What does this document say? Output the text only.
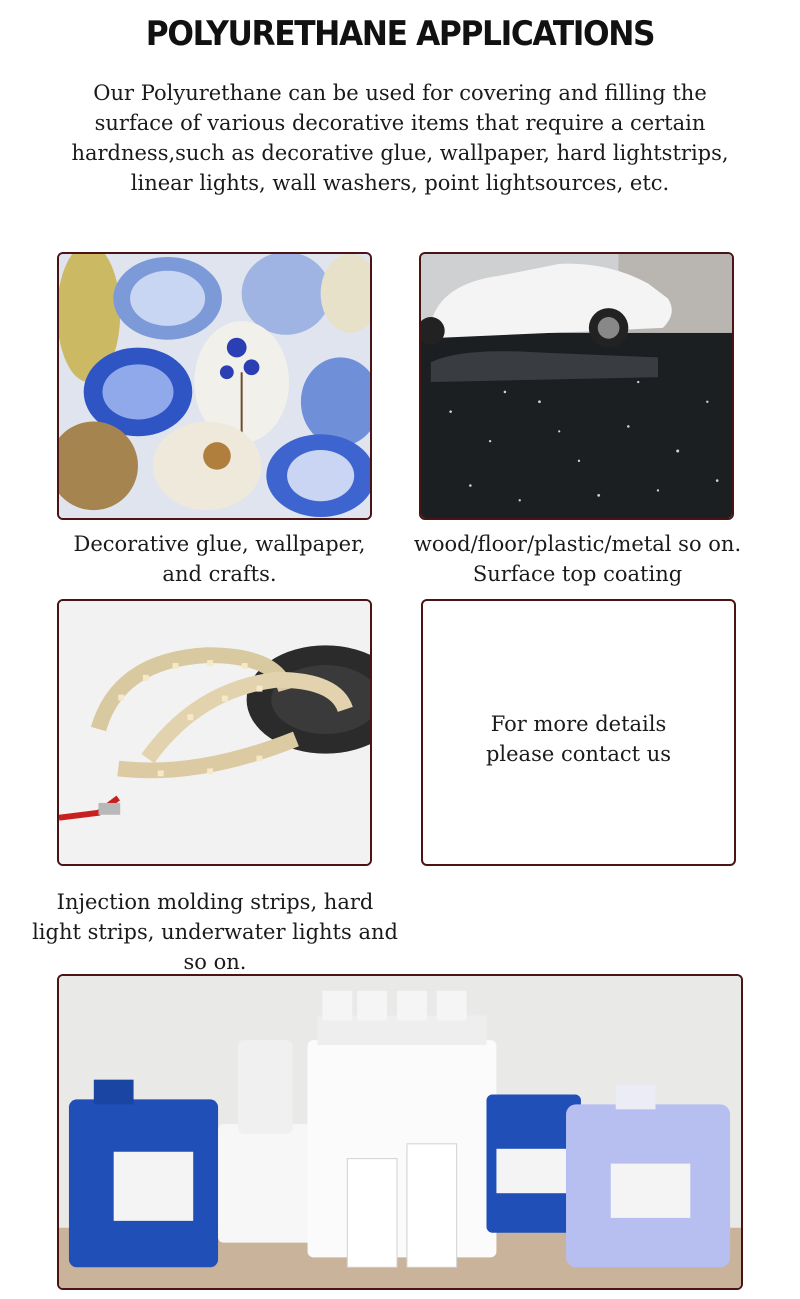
POLYURETHANE APPLICATIONS
Our Polyurethane can be used for covering and filling the surface of various decorative items that require a certain hardness,such as decorative glue, wallpaper, hard lightstrips, linear lights, wall washers, point lightsources, etc.
Decorative glue, wallpaper, and crafts.
wood/floor/plastic/metal so on.
Surface top coating
For more details
please contact us
Injection molding strips, hard light strips, underwater lights and so on.
